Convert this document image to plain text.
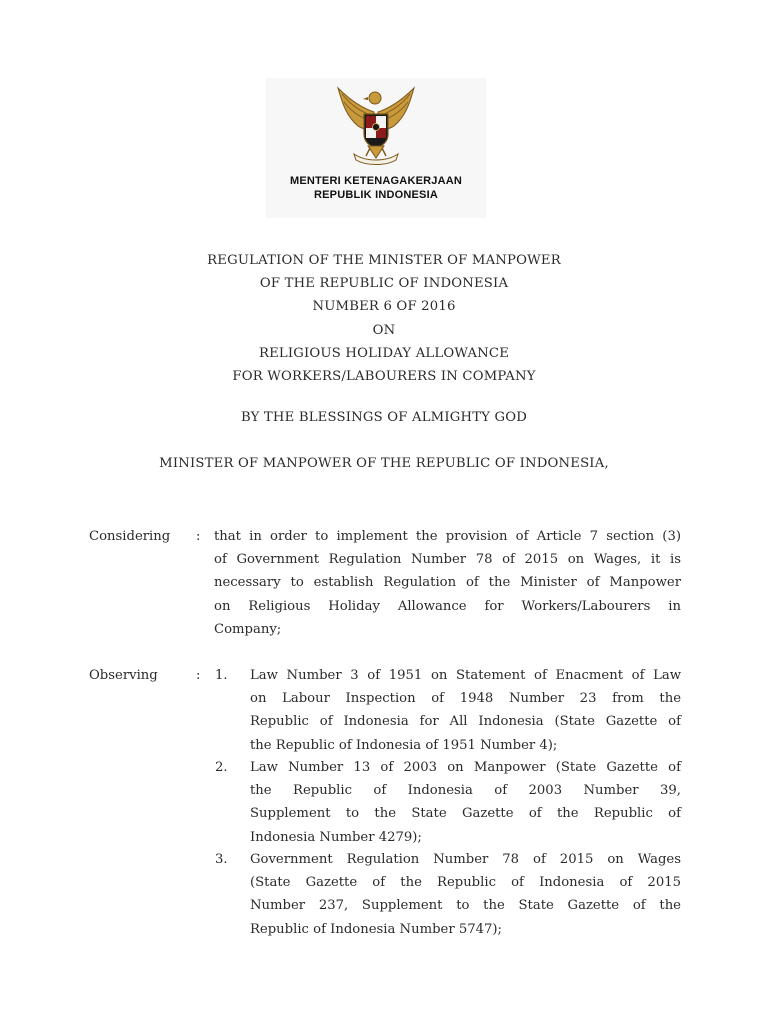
MENTERI KETENAGAKERJAAN
REPUBLIK INDONESIA
REGULATION OF THE MINISTER OF MANPOWER
OF THE REPUBLIC OF INDONESIA
NUMBER 6 OF 2016
ON
RELIGIOUS HOLIDAY ALLOWANCE
FOR WORKERS/LABOURERS IN COMPANY
BY THE BLESSINGS OF ALMIGHTY GOD
MINISTER OF MANPOWER OF THE REPUBLIC OF INDONESIA,
Considering : that in order to implement the provision of Article 7 section (3)
of Government Regulation Number 78 of 2015 on Wages, it is
necessary to establish Regulation of the Minister of Manpower
on Religious Holiday Allowance for Workers/Labourers in
Company;
Observing	: 1. Law Number 3 of 1951 on Statement of Enacment of Law
on Labour Inspection of 1948 Number 23 from the
Republic of Indonesia for All Indonesia (State Gazette of
the Republic of Indonesia of 1951 Number 4);
2. Law Number 13 of 2003 on Manpower (State Gazette of
the Republic of Indonesia of 2003 Number 39,
Supplement to the State Gazette of the Republic of
Indonesia Number 4279);
3. Government Regulation Number 78 of 2015 on Wages
(State Gazette of the Republic of Indonesia of 2015
Number 237, Supplement to the State Gazette of the
Republic of Indonesia Number 5747);
